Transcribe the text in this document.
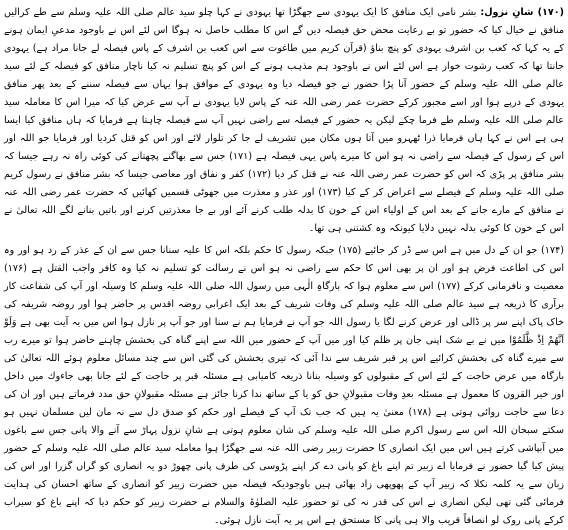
(۱۷۰) شانِ نزول: بشر نامی ایک منافق کا ایک یہودی سے جھگڑا تھا یہودی نے کہا چلو سید عالم صلی اللہ علیہ وسلم سے طے کرالیں منافق نے خیال کیا کہ حضور تو بے رعایت محض حق فیصلہ دیں گے اس کا مطلب حاصل نہ ہوگا اس لئے اس نے باوجود مدعیِ ایمان ہونے کے یہ کہا کہ کعب بن اشرف یہودی کو پنچ بناؤ (قرآن کریم میں طاغوت سے اس کعب بن اشرف کے پاس فیصلہ لے جانا مراد ہے) یہودی جانتا تھا کہ کعب رشوت خوار ہے اس لئے اس نے باوجود ہم مذہب ہونے کے اس کو پنچ تسلیم نہ کیا ناچار منافق کو فیصلہ کے لئے سید عالم صلی اللہ علیہ وسلم کے حضور آنا پڑا حضور نے جو فیصلہ دیا وہ یہودی کے موافق ہوا یہاں سے فیصلہ سننے کے بعد پھر منافق یہودی کے درپے ہوا اور اسے مجبور کرکے حضرت عمر رضی اللہ عنہ کے پاس لایا یہودی نے آپ سے عرض کیا کہ میرا اس کا معاملہ سید عالم صلی اللہ علیہ وسلم طے فرما چکے لیکن یہ حضور کے فیصلہ سے راضی نہیں آپ سے فیصلہ چاہتا ہے فرمایا کہ ہاں منافق کیا ایسا ہی ہے اس نے کہا ہاں فرمایا ذرا ٹھہرو میں آتا ہوں مکان میں تشریف لے جا کر تلوار لائے اور اس کو قتل کردیا اور فرمایا جو اللہ اور اس کے رسول کے فیصلہ سے راضی نہ ہو اس کا میرے پاس یہی فیصلہ ہے (۱۷۱) جس سے بھاگنے پچھتانے کی کوئی راہ نہ رہے جیسا کہ بشر منافق پر پڑی کہ اس کو حضرت عمر رضی اللہ عنہ نے قتل کر دیا (۱۷۲) کفر و نفاق اور معاصی جیسا کہ بشر منافق نے رسول کریم صلی اللہ علیہ وسلم کے فیصلے سے اعراض کر کے کیا (۱۷۳) اور عذر و معذرت میں جھوٹی قسمیں کھائیں کہ حضرت عمر رضی اللہ عنہ نے منافق کے مارے جانے کے بعد اس کے اولیاء اس کے خون کا بدلہ طلب کرنے آئے اور بے جا معذرتیں کرنے اور باتیں بنانے لگے اللہ تعالیٰ نے اس کے خون کا کوئی بدلہ نہیں دلایا کیونکہ وہ کشتنی ہی تھا۔

(۱۷۴) جو ان کے دل میں ہے اس سے ڈر کر جائیے (۱۷۵) جبکہ رسول کا حکم بلکہ اس کا علیہ سنانا جس سے ان کے عذر کے رد ہو اور وہ اس کی اطاعت فرض ہو اور ان پر بھی اس کا حکم سے راضی نہ ہو اس نے رسالت کو تسلیم نہ کیا وہ کافر واجب القتل ہے (۱۷۶) معصیت و نافرمانی کرکے (۱۷۷) اس سے معلوم ہوا کہ بارگاہِ الٰہی میں رسول اللہ صلی اللہ علیہ وسلم کا وسیلہ اور آپ کی شفاعت کار برآری کا ذریعہ ہے سید عالم صلی اللہ علیہ وسلم کی وفات شریف کے بعد ایک اعرابی روضہ اقدس پر حاضر ہوا اور روضہ شریفہ کی خاک پاک اپنے سر پر ڈالی اور عرض کرنے لگا یا رسول اللہ جو آپ نے فرمایا ہم نے سنا اور جو آپ پر نازل ہوا اس میں یہ آیت بھی ہے وَلَوْ اَنَّهُمْ اِذْ ظَّلَمُوْا میں نے بے شک اپنی جان پر ظلم کیا اور میں آپ کے حضور میں اللہ سے اپنے گناہ کی بخشش چاہنے حاضر ہوا تو میرے رب سے میرے گناہ کی بخشش کرائیے اس پر قبر شریف سے ندا آئی کہ تیری بخشش کی گئی اس سے چند مسائل معلوم ہوئے اللہ تعالیٰ کی بارگاہ میں عرض حاجت کے لئے اس کے مقبولوں کو وسیلہ بنانا ذریعہ کامیابی ہے مسئلہ قبر پر حاجت کے لئے جانا بھی جاءوك میں داخل اور خیر القرون کا معمول ہے مسئلہ بعدِ وفات مقبولانِ حق کو یا کے ساتھ ندا کرنا جائز ہے مسئلہ مقبولانِ حق مدد فرماتے ہیں اور ان کی دعا سے حاجت روائی ہوتی ہے (۱۷۸) معنیٰ یہ ہیں کہ جب تک آپ کے فیصلے اور حکم کو صدق دل سے نہ مان لیں مسلمان نہیں ہو سکتے سبحان اللہ اس سے رسول اکرم صلی اللہ علیہ وسلم کی شان معلوم ہوتی ہے شانِ نزول پہاڑ سے آنے والا پانی جس سے باغوں میں آبپاشی کرتے ہیں اس میں ایک انصاری کا حضرت زبیر رضی اللہ عنہ سے جھگڑا ہوا معاملہ سید عالم صلی اللہ علیہ وسلم کے حضور پیش کیا گیا حضور نے فرمایا اے زبیر تم اپنے باغ کو پانی دے کر اپنے پڑوسی کی طرف پانی چھوڑ دو یہ انصاری کو گراں گزرا اور اس کی زبان سے یہ کلمہ نکلا کہ زبیر آپ کے پھوپھی زاد بھائی ہیں باوجودیکہ فیصلہ میں حضرت زبیر کو انصاری کے ساتھ احسان کی ہدایت فرمائی گئی تھی لیکن انصاری نے اس کی قدر نہ کی تو حضور علیہ الصلوٰۃ والسلام نے حضرت زبیر کو حکم دیا کہ اپنے باغ کو سیراب کرکے پانی روک لو انصافاً قریب والا ہی پانی کا مستحق ہے اس پر یہ آیت نازل ہوئی۔
